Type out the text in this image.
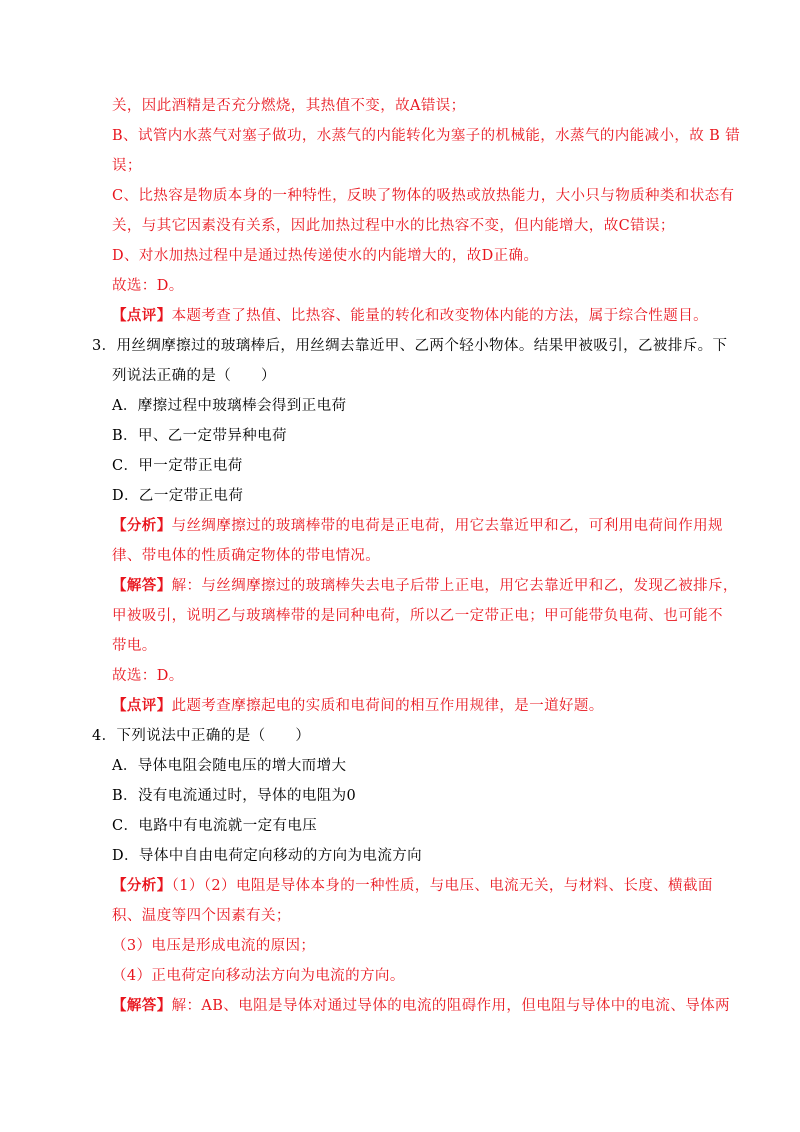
关，因此酒精是否充分燃烧，其热值不变，故A错误；
B、试管内水蒸气对塞子做功，水蒸气的内能转化为塞子的机械能，水蒸气的内能减小，故 B 错
误；
C、比热容是物质本身的一种特性，反映了物体的吸热或放热能力，大小只与物质种类和状态有
关，与其它因素没有关系，因此加热过程中水的比热容不变，但内能增大，故C错误；
D、对水加热过程中是通过热传递使水的内能增大的，故D正确。
故选：D。
【点评】本题考查了热值、比热容、能量的转化和改变物体内能的方法，属于综合性题目。
3．用丝绸摩擦过的玻璃棒后，用丝绸去靠近甲、乙两个轻小物体。结果甲被吸引，乙被排斥。下
列说法正确的是（　　）
A．摩擦过程中玻璃棒会得到正电荷
B．甲、乙一定带异种电荷
C．甲一定带正电荷
D．乙一定带正电荷
【分析】与丝绸摩擦过的玻璃棒带的电荷是正电荷，用它去靠近甲和乙，可利用电荷间作用规
律、带电体的性质确定物体的带电情况。
【解答】解：与丝绸摩擦过的玻璃棒失去电子后带上正电，用它去靠近甲和乙，发现乙被排斥，
甲被吸引，说明乙与玻璃棒带的是同种电荷，所以乙一定带正电；甲可能带负电荷、也可能不
带电。
故选：D。
【点评】此题考查摩擦起电的实质和电荷间的相互作用规律，是一道好题。
4．下列说法中正确的是（　　）
A．导体电阻会随电压的增大而增大
B．没有电流通过时，导体的电阻为0
C．电路中有电流就一定有电压
D．导体中自由电荷定向移动的方向为电流方向
【分析】（1）（2）电阻是导体本身的一种性质，与电压、电流无关，与材料、长度、横截面
积、温度等四个因素有关；
（3）电压是形成电流的原因；
（4）正电荷定向移动法方向为电流的方向。
【解答】解：AB、电阻是导体对通过导体的电流的阻碍作用，但电阻与导体中的电流、导体两
